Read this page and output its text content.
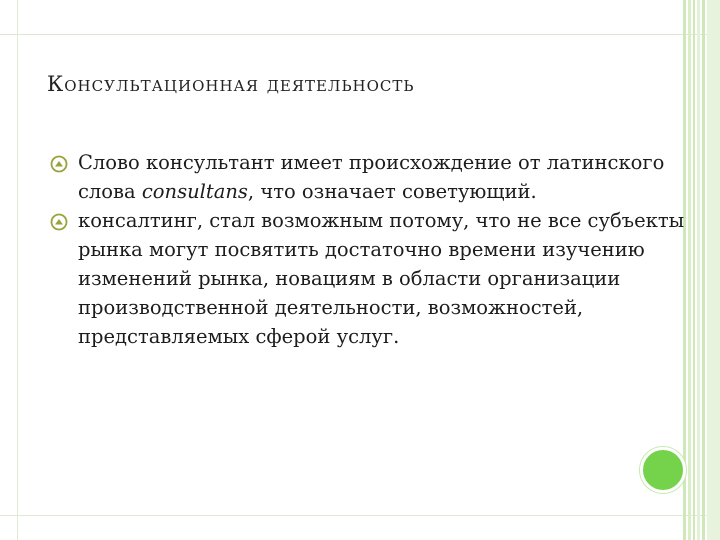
Консультационная деятельность
Слово консультант имеет происхождение от латинского слова consultans, что означает советующий.
консалтинг, стал возможным потому, что не все субъекты рынка могут посвятить достаточно времени изучению изменений рынка, новациям в области организации производственной деятельности, возможностей, представляемых сферой услуг.
